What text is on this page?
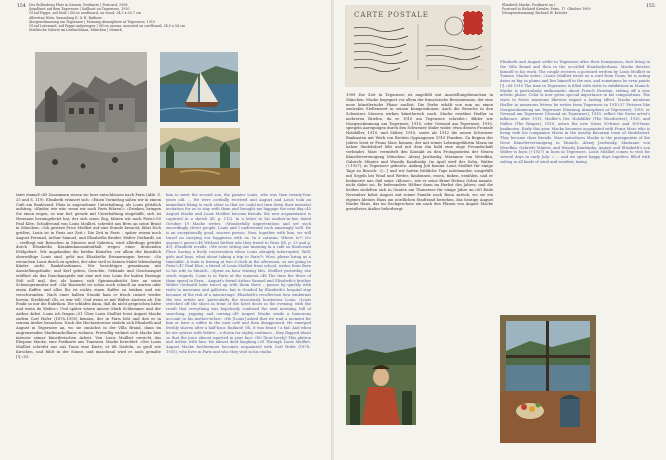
154 Der Bollenberg Platz in Sarnen, Postkarte | Postcard, 1908
Segelboot auf dem Tegernsee | Sailboat on Tegernsee, 1910
Öl auf Pappe, auf Holz | Oil on cardboard, on wood, 34,3 x 50,7 cm
Albertina Wien, Sammlung E. & H. Batliner
Morgenstimmung am Tegernsee | Morning Atmosphere at Tegernsee, 1910
Öl auf Leinwand, auf Pappe aufgezogen | Oil on canvas, mounted on cardboard, 34,5 x 54 cm
Städtische Galerie im Lenbachhaus, München | Munich

tatet einmal!«49 Zusammen reisen sie kurz entschlossen nach Paris (Abb. S. 25 und S. 119). Elisabeth erinnert sich: »Einen Vormittag saßen wir in einem Café am Boulevard, Platz in angenehmer Unterhaltung, als Louis plötzlich aufstieg, »Kinder, wie wär, wenn wir noch Paris führen!« »Drinken, bringen Sie einen engen, es war tief, gerade mit Unterhaltung eingehüllt, sich ist Hermann herumgehetzt hat, der sich eines Zug, fahren wir nach Paris!«50 Paul Klee, Schulfreund von Louis Moilliet, schreibt aus Bern an seine Braut in München: »Ich gestern Price Moilliet auf eine Stunde besucht; fährt Dich grüßen, Louis ist in Paris zur Zeit.« Die Zeit in Paris – später reisen noch August Ferenad, Arthur Samuel, und Elisabeths Bruder, Walter Gerhardt, an – verfliegt mit Besuchen in Museen und Galerien, wird allerdings getrübt durch Elisabeths Krankenhausaufenthalt wegen einer drohenden Fehlgeburt. Wir angelanden die beiden Künstler, vor allem der künstlich oberwältige Louis sind, geht aus Elisabeths Erinnerungen hervor: »So versuchen Louis durch zu spielen, der aber weil es keinen Maler lebenslustig Kinder nicht, Bankslusitianen. Wir besichtigen gemeinsam mit Ausstellungsthalie, und Kerl geben, Gesichte, Gebäude und Geschauspiel eröffnet als das Donchauspeile mit eine mit was Louis ihr hatten Bezeuge Süß soll mal, der, als kamen sich Spinnenabsicht bier an seine Schwiegermutter auf: »Ihr Bonisicht ist schon noch schnell an warten oder einen Kaffee und alles Ihr ist nichts einen Kaffee zu trinken und wir verschwunden. Nach einer halben Stunde kam er frisch rasiert wieder herein. Strahlend! Oh, es war toll. Und wenn er mit Walter Austern ab. Die Ponkt so nur die Rubrikon. Die schlafen dann, daß du nicht gesprochen hätte und wenn du Walter.« Und später wären unsere Mark Schlemmer und der Arthur dabei. Louis ich fragen.«51 Über Louis Moilliet lernt August Macke zudem Carl Hofer (1878–1955) kennen, der in Paris lebt und den er in seinem Atelier besuchen. Nach der Hochzeitsreise siedeln sich Elisabeth und August in Tegernsee an, wo sie zunächst in der Villa Brand, dann im angrenzenden Stadtmachelhaus wohnen. Freiwillig widmet sich Macke hier intensiv seiner künstlerischen Arbeit. Von Louis Moilliet erreicht das Ehepaar Macke, eine Postkarte aus Tunesien. Macke berichtet: »Der Louis Moilliet schreibt uns aus Tunis eine Karte, er ißt Datteln, so groß wie Kirschen, und fühlt in der Sonne, und manchmal wird er auch gemalte [!].«53

him to meet the second son, the painter Louis, who was then twenty-four years old. … We were cordially received and August and Louis took an immediate liking to each other so that we could not turn down their insistent invitation for us to stay with them and brought me luggage the next day.«45 August Macke and Louis Moilliet become friends: the new acquaintance is captured in a sketch (ill. p. 112). In a letter to his mother-in-law dated October 19 Macke writes: »Wonderfully unpretentious and yet such exceedingly clever people. Louis and I understand each amazingly well. He is an exceptionally good, sincere person. Now, together with him, we will travel on carrying our happiness with us. In a caravan. Where to?! It's anyone's guess!«46 Without further ado they travel to Paris (ill. p. 25 and p. 45). Elisabeth recalls: »We were sitting one morning in a café on Boulevard Place having a lively conversation when Louis abruptly interrupted. Well, girls and boys, what about taking a trip to Paris?« Wise, please bring us a timetable. A train is leaving at two o'clock in the afternoon, so are going to Paris!«47 Paul Klee, a friend of Louis Moilliet from school, writes from Bern to his wife in Munich: »Spent an hour visiting Mrs. Moilliet yesterday, she sends regards. Louis is in Paris at the moment.«48 The time the three of them spend in Paris – August's friend Arthur Samuel and Elisabeth's brother Walter Gerhardt later travel up with them there – passes by quickly with visits to museums and galleries, but is clouded by Elisabeth's hospital stay because of the risk of a miscarriage. Elisabeth's recollection how exuberant the two artists are, particularly the vivaciously boisterous Louis: »Louis switched off the shoes in front of the hotel doors in the evening, with the result that everything was hopelessly confused the next morning, full of searching, yapping and cursing.«49 August Macke sends a humorous account to his mother-in-law: »He [Louis] asked that we wait a moment for him or have a coffee in the next café and then disappeared. He emerged freshly shaven after a half-hour. Radiant! Oh, it was beaut ! a fad. And when he ate oysters with Walter – a dozen for eighty centimes – they flapped about so that the juice almost squirted in your face. Oh! [how lovely] This glutton and Arthur with him. He almost died laughing.«50 Through Louis Moilliet, August Macke furthermore becomes acquainted with Carl Hofer (1878–1955), who lives in Paris and who they visit in his studio.

155
CARTE POSTALE
Elisabeth Macke, Postkarte an |
Postcard to Richard Kreuler, Paris, 17. Oktober 1909
(Morgenstimmung) Richard W. Kreuler

1909 Die Zeit in Tegernsee ist angefüllt mit Ausstellungsbesuchen in München. Macke begegnet vor allem der französische Bessionismus, der eine neue künstlerische Phase auslöst. Die Farbe erhält von nun an einen zentralen Stellenwert in seinen Kompositionen. Auch die Besuche in den Schweizer Museen wirken künstlerisch nach. Macke erwähnt Hodler in mehreren Briefen, da er 1910 am Tegernsee schreibt:« Bilder wie Morgenstimmung am Tegernsee, 1910, oder Gewand am Tegernsee, 1910, spiegeln Anregungen durch den Schweizer Maler wider, etwa dessen Frontale Holzfäller, 1910, und Mäher, 1910, sowie als 1912 die neuen Schweizer Banknoten mit Werk von Breiten Oppungenen 1910 Franken. Zu Beginn des Jahres lernt er Franz Marc kennen, der mit seiner Lebensgefährtin Maria im nahen Sindelsdorf lebt und mit dem ihn bald eine enge Freundschaft verbindet. Marc vermittelt den Kontakt zu den Protagonisten der Neuen Künstlervereinigung München: Alexej Jawlensky, Marianne von Werefkin, Gabriele Münter und Wassily Kandinsky. Im April wird der Sohn, Walter (†1927), in Tegernsee geboren. Anfang Juli kommt Louis Moilliet für einige Tage zu Besuch: »[…] und wir hatten fröhliche Tage miteinander, ausgefüllt mit Segeln bei Wind und Wetter, fandonnen, essen, tinken, erzählen, und er bedauerte nur, daß seine »Klosse«, wie er seine Braut Helene Gobat nannte, nicht dabei sei. Er befreundete Hélène dann im Herbst des Jahres, und die beiden siedelten sich in Gunten am Thunersee für einige Jahre an.«60 Ende November kehrt August mit seiner Familie nach Bonn zurück, wo sie ein eigenes kleines Haus am nördlichen Stadtrand beziehen, das heutige August Macke Haus, das im Dachgeschoss ein nach den Plänen von August Macke gestaltetes Atelier beherbergt.

Elisabeth and August settle in Tegernsee after their honeymoon, first living in the Villa Brand and then in the so-called Staudacherhaus. Macke devotes himself to his work. The couple receives a postcard written by Louis Moilliet in Tunisia. Macke notes: »Louis Moilliet wrote us a card from Tunis; he is eating dates as big as plums and lies himself in the sun, and sometimes he even paints [!].«56 1910 The time in Tegernsee is filled with visits to exhibitions in Munich. Macke is particularly enthusiastic about French Fauvism, setting off a new artistic phase. Color is now given special importance in his compositions. The visits to Swiss museums likewise impart a lasting effect. Macke mentions Hodler in numerous letters he writes from Tegernsee in 1910.57 Pictures like Morgenstimmung am Tegernsee (Morning Atmosphere at Tegernsee), 1910, or Gewand am Tegernsee (Ground on Tegernsee), 1910, reflect the Swiss artist's influence. After 1911, Hodler's Der Holzfäller (The Woodcutter), 1910, and Mäher (The Reaper), 1910, adorn the new Swiss 50-franc and 100-franc banknotes. Early this year, Macke becomes acquainted with Franz Marc who is living with his companion Maria in the nearby Bavarian town of Sindelsdorf. They become close friends. Marc introduces Macke to the protagonists of the Neue Künstlervereinigung in Munich: Alexej Jawlensky, Marianne von Werefkin, Gabriele Münter, and Wassily Kandinsky. August and Elisabeth's son Walter is born (†1927) in born in Tegernsee. Louis Moilliet comes to visit for several days in early July: » … and we spent happy days together, filled with sailing in all kinds of wind and weather, lazing
